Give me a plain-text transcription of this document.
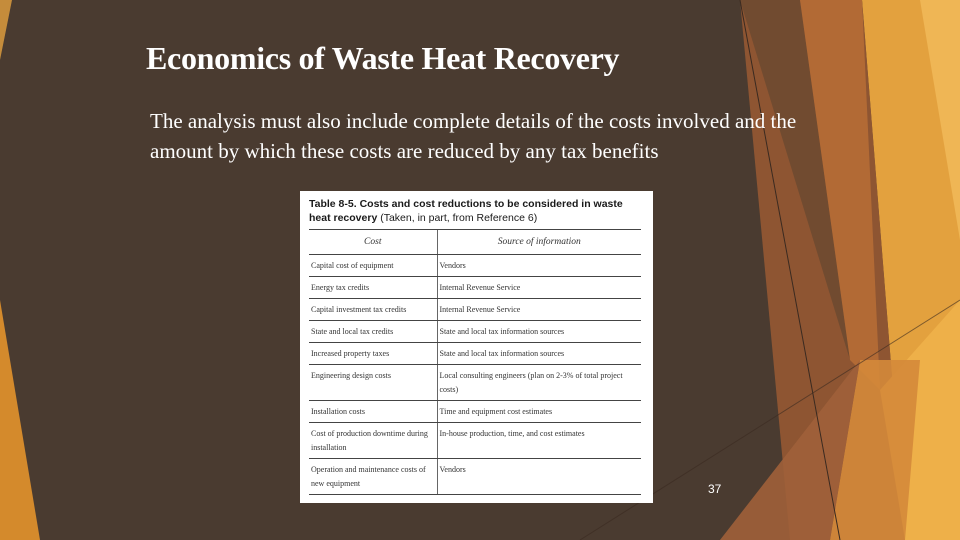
Economics of Waste Heat Recovery
The analysis must also include complete details of the costs involved and the amount by which these costs are reduced by any tax benefits
Table 8-5. Costs and cost reductions to be considered in waste heat recovery (Taken, in part, from Reference 6)
Cost	Source of information
Capital cost of equipment	Vendors
Energy tax credits	Internal Revenue Service
Capital investment tax credits	Internal Revenue Service
State and local tax credits	State and local tax information sources
Increased property taxes	State and local tax information sources
Engineering design costs	Local consulting engineers (plan on 2-3% of total project costs)
Installation costs	Time and equipment cost estimates
Cost of production downtime during installation	In-house production, time, and cost estimates
Operation and maintenance costs of new equipment	Vendors
37
